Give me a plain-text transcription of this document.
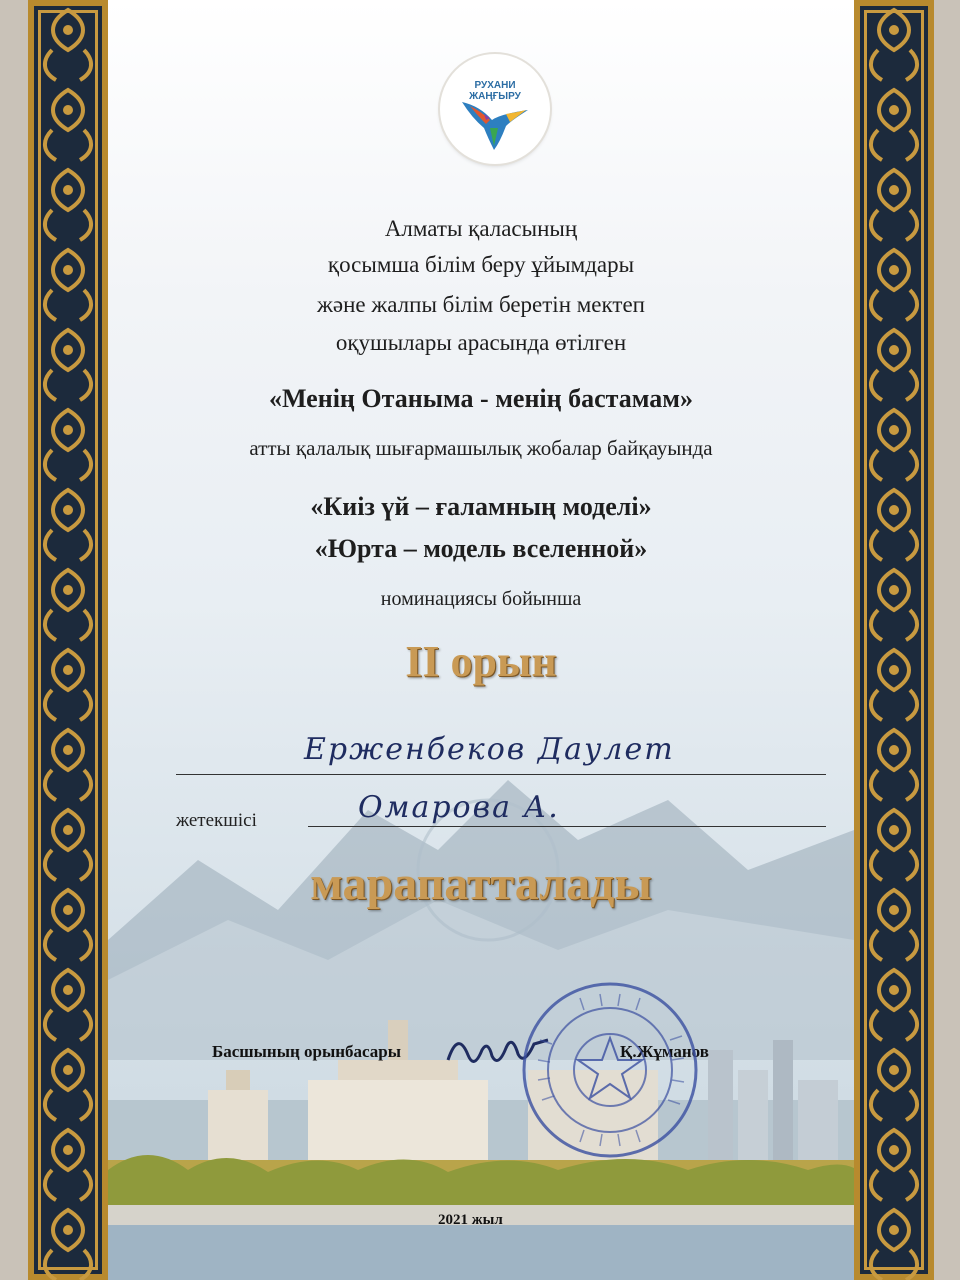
РУХАНИ
ЖАҢҒЫРУ
Алматы қаласының
қосымша білім беру ұйымдары
және жалпы білім беретін мектеп
оқушылары арасында өтілген
«Менің Отаныма - менің бастамам»
атты қалалық шығармашылық жобалар байқауында
«Киіз үй – ғаламның моделі»
«Юрта – модель вселенной»
номинациясы бойынша
II орын
Ерженбеков Даулет
жетекшісі	Омарова А.
марапатталады
Басшының орынбасары	Қ.Жұманов
2021 жыл
